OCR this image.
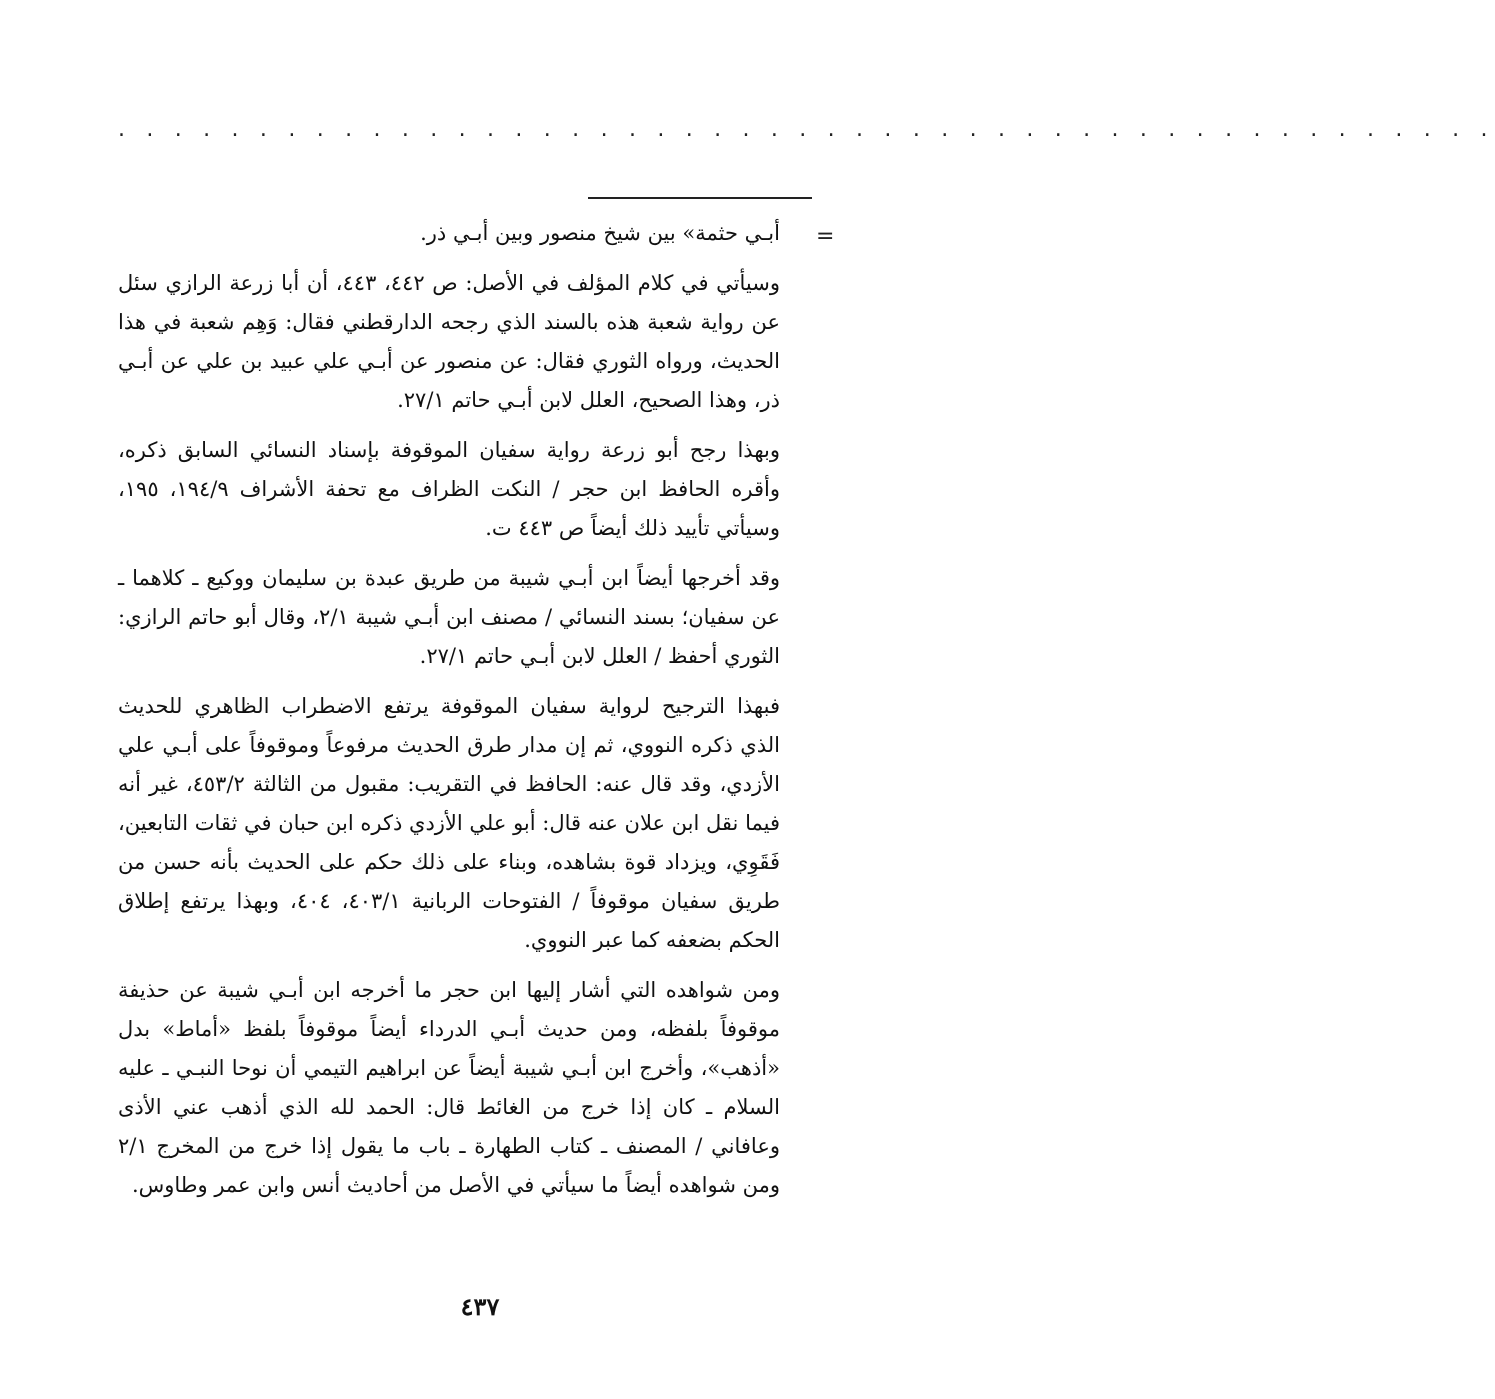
. . . . . . . . . . . . . . . . . . . . . . . . . . . . . . . . . . . . . . . . . . . . . . . . .
=

أبـي حثمة» بين شيخ منصور وبين أبـي ذر.

وسيأتي في كلام المؤلف في الأصل: ص ٤٤٢، ٤٤٣، أن أبا زرعة الرازي سئل عن رواية شعبة هذه بالسند الذي رجحه الدارقطني فقال: وَهِم شعبة في هذا الحديث، ورواه الثوري فقال: عن منصور عن أبـي علي عبيد بن علي عن أبـي ذر، وهذا الصحيح، العلل لابن أبـي حاتم ٢٧/١.

وبهذا رجح أبو زرعة رواية سفيان الموقوفة بإسناد النسائي السابق ذكره، وأقره الحافظ ابن حجر / النكت الظراف مع تحفة الأشراف ١٩٤/٩، ١٩٥، وسيأتي تأييد ذلك أيضاً ص ٤٤٣ ت.

وقد أخرجها أيضاً ابن أبـي شيبة من طريق عبدة بن سليمان ووكيع ـ كلاهما ـ عن سفيان؛ بسند النسائي / مصنف ابن أبـي شيبة ٢/١، وقال أبو حاتم الرازي: الثوري أحفظ / العلل لابن أبـي حاتم ٢٧/١.

فبهذا الترجيح لرواية سفيان الموقوفة يرتفع الاضطراب الظاهري للحديث الذي ذكره النووي، ثم إن مدار طرق الحديث مرفوعاً وموقوفاً على أبـي علي الأزدي، وقد قال عنه: الحافظ في التقريب: مقبول من الثالثة ٤٥٣/٢، غير أنه فيما نقل ابن علان عنه قال: أبو علي الأزدي ذكره ابن حبان في ثقات التابعين، فَقَوِي، ويزداد قوة بشاهده، وبناء على ذلك حكم على الحديث بأنه حسن من طريق سفيان موقوفاً / الفتوحات الربانية ٤٠٣/١، ٤٠٤، وبهذا يرتفع إطلاق الحكم بضعفه كما عبر النووي.

ومن شواهده التي أشار إليها ابن حجر ما أخرجه ابن أبـي شيبة عن حذيفة موقوفاً بلفظه، ومن حديث أبـي الدرداء أيضاً موقوفاً بلفظ «أماط» بدل «أذهب»، وأخرج ابن أبـي شيبة أيضاً عن ابراهيم التيمي أن نوحا النبـي ـ عليه السلام ـ كان إذا خرج من الغائط قال: الحمد لله الذي أذهب عني الأذى وعافاني / المصنف ـ كتاب الطهارة ـ باب ما يقول إذا خرج من المخرج ٢/١ ومن شواهده أيضاً ما سيأتي في الأصل من أحاديث أنس وابن عمر وطاوس.

٤٣٧
